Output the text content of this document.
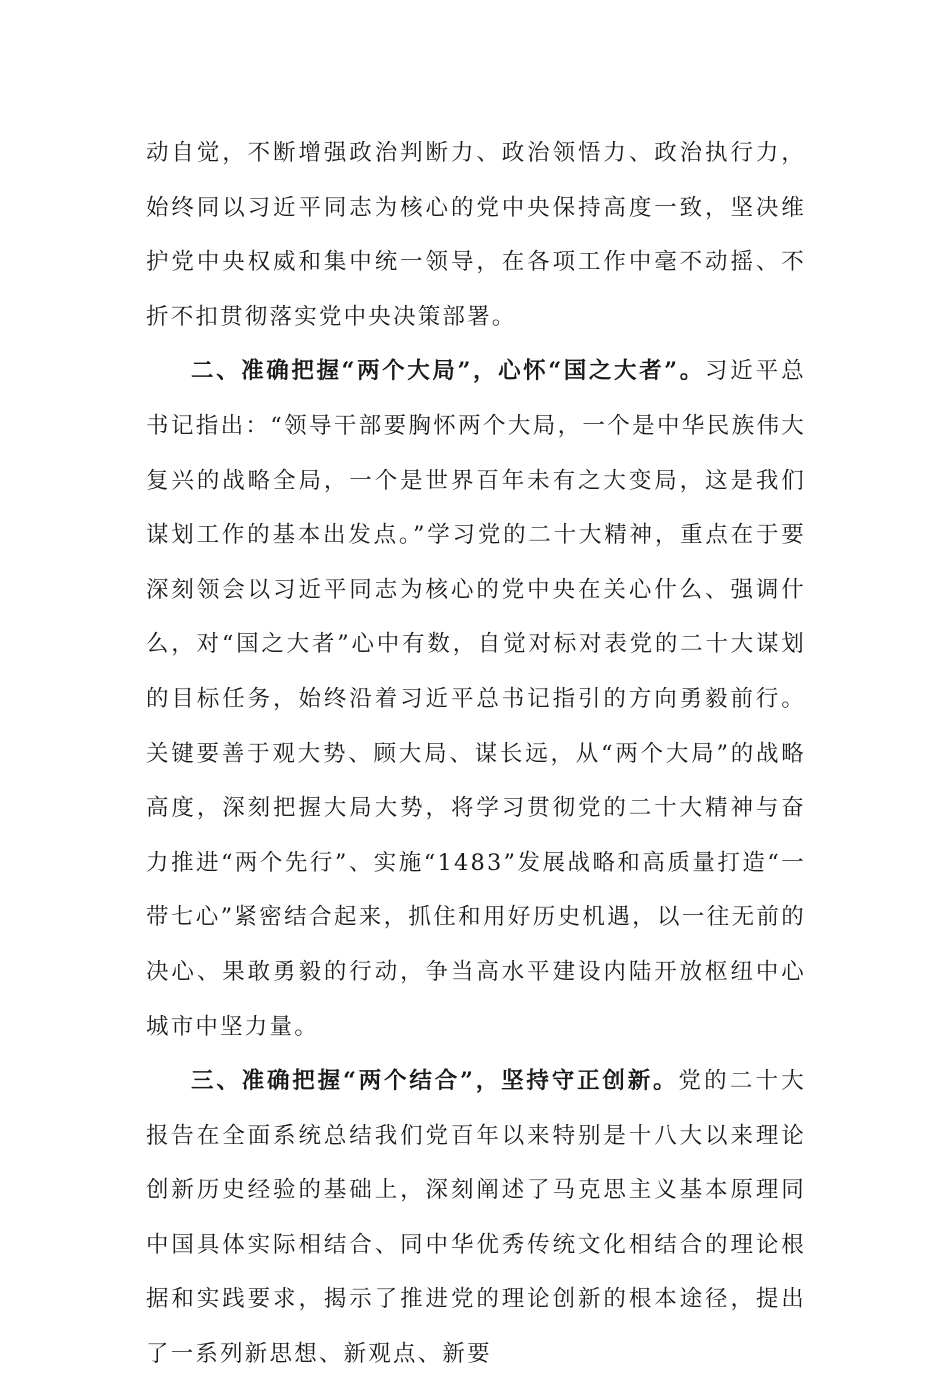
动自觉，不断增强政治判断力、政治领悟力、政治执行力，始终同以习近平同志为核心的党中央保持高度一致，坚决维护党中央权威和集中统一领导，在各项工作中毫不动摇、不折不扣贯彻落实党中央决策部署。

二、准确把握“两个大局”，心怀“国之大者”。习近平总书记指出：“领导干部要胸怀两个大局，一个是中华民族伟大复兴的战略全局，一个是世界百年未有之大变局，这是我们谋划工作的基本出发点。”学习党的二十大精神，重点在于要深刻领会以习近平同志为核心的党中央在关心什么、强调什么，对“国之大者”心中有数，自觉对标对表党的二十大谋划的目标任务，始终沿着习近平总书记指引的方向勇毅前行。关键要善于观大势、顾大局、谋长远，从“两个大局”的战略高度，深刻把握大局大势，将学习贯彻党的二十大精神与奋力推进“两个先行”、实施“1483”发展战略和高质量打造“一带七心”紧密结合起来，抓住和用好历史机遇，以一往无前的决心、果敢勇毅的行动，争当高水平建设内陆开放枢纽中心城市中坚力量。

三、准确把握“两个结合”，坚持守正创新。党的二十大报告在全面系统总结我们党百年以来特别是十八大以来理论创新历史经验的基础上，深刻阐述了马克思主义基本原理同中国具体实际相结合、同中华优秀传统文化相结合的理论根据和实践要求，揭示了推进党的理论创新的根本途径，提出了一系列新思想、新观点、新要
